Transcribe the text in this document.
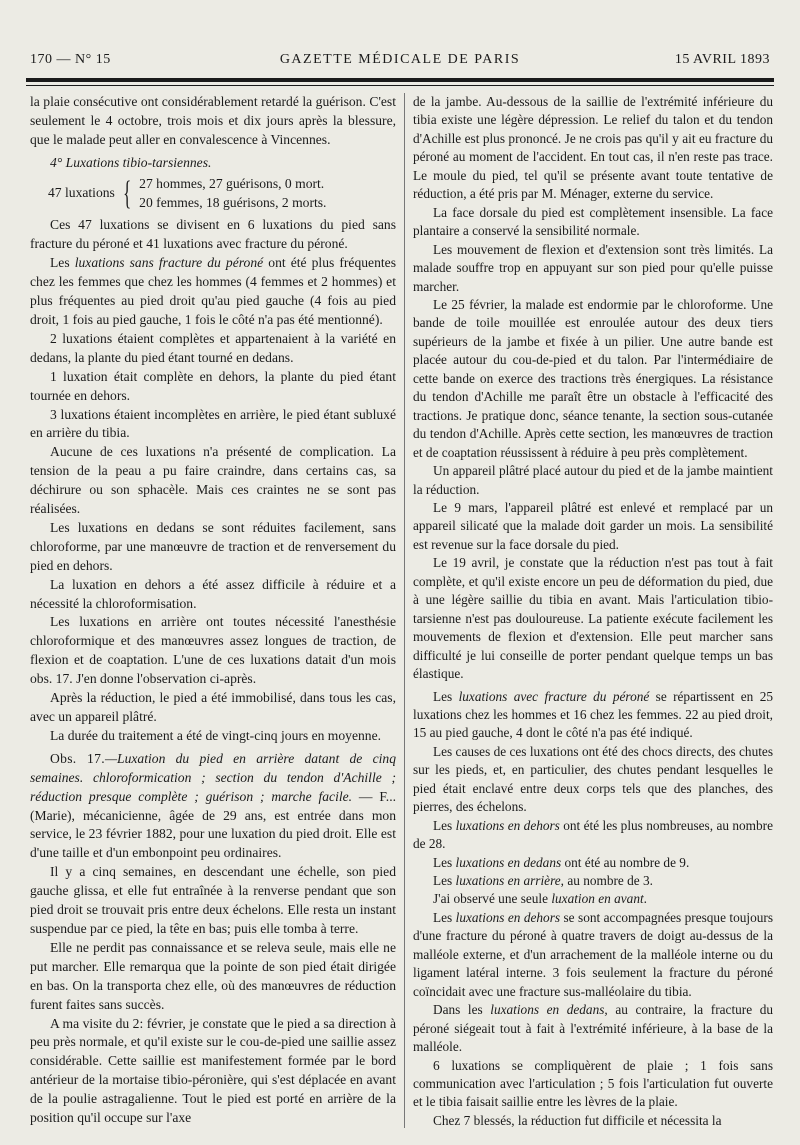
170 — N° 15	GAZETTE MÉDICALE DE PARIS	15 AVRIL 1893

la plaie consécutive ont considérablement retardé la guérison. C'est seulement le 4 octobre, trois mois et dix jours après la blessure, que le malade peut aller en convalescence à Vincennes.

4° Luxations tibio-tarsiennes.

47 luxations { 27 hommes, 27 guérisons, 0 mort.
20 femmes, 18 guérisons, 2 morts.

Ces 47 luxations se divisent en 6 luxations du pied sans fracture du péroné et 41 luxations avec fracture du péroné.

Les luxations sans fracture du péroné ont été plus fréquentes chez les femmes que chez les hommes (4 femmes et 2 hommes) et plus fréquentes au pied droit qu'au pied gauche (4 fois au pied droit, 1 fois au pied gauche, 1 fois le côté n'a pas été mentionné).

2 luxations étaient complètes et appartenaient à la variété en dedans, la plante du pied étant tourné en dedans.

1 luxation était complète en dehors, la plante du pied étant tournée en dehors.

3 luxations étaient incomplètes en arrière, le pied étant subluxé en arrière du tibia.

Aucune de ces luxations n'a présenté de complication. La tension de la peau a pu faire craindre, dans certains cas, sa déchirure ou son sphacèle. Mais ces craintes ne se sont pas réalisées.

Les luxations en dedans se sont réduites facilement, sans chloroforme, par une manœuvre de traction et de renversement du pied en dehors.

La luxation en dehors a été assez difficile à réduire et a nécessité la chloroformisation.

Les luxations en arrière ont toutes nécessité l'anesthésie chloroformique et des manœuvres assez longues de traction, de flexion et de coaptation. L'une de ces luxations datait d'un mois obs. 17. J'en donne l'observation ci-après.

Après la réduction, le pied a été immobilisé, dans tous les cas, avec un appareil plâtré.

La durée du traitement a été de vingt-cinq jours en moyenne.

Obs. 17.—Luxation du pied en arrière datant de cinq semaines. chloroformication ; section du tendon d'Achille ; réduction presque complète ; guérison ; marche facile. — F... (Marie), mécanicienne, âgée de 29 ans, est entrée dans mon service, le 23 février 1882, pour une luxation du pied droit. Elle est d'une taille et d'un embonpoint peu ordinaires.

Il y a cinq semaines, en descendant une échelle, son pied gauche glissa, et elle fut entraînée à la renverse pendant que son pied droit se trouvait pris entre deux échelons. Elle resta un instant suspendue par ce pied, la tête en bas; puis elle tomba à terre.

Elle ne perdit pas connaissance et se releva seule, mais elle ne put marcher. Elle remarqua que la pointe de son pied était dirigée en bas. On la transporta chez elle, où des manœuvres de réduction furent faites sans succès.

A ma visite du 2: février, je constate que le pied a sa direction à peu près normale, et qu'il existe sur le cou-de-pied une saillie assez considérable. Cette saillie est manifestement formée par le bord antérieur de la mortaise tibio-péronière, qui s'est déplacée en avant de la poulie astragalienne. Tout le pied est porté en arrière de la position qu'il occupe sur l'axe

de la jambe. Au-dessous de la saillie de l'extrémité inférieure du tibia existe une légère dépression. Le relief du talon et du tendon d'Achille est plus prononcé. Je ne crois pas qu'il y ait eu fracture du péroné au moment de l'accident. En tout cas, il n'en reste pas trace. Le moule du pied, tel qu'il se présente avant toute tentative de réduction, a été pris par M. Ménager, externe du service.

La face dorsale du pied est complètement insensible. La face plantaire a conservé la sensibilité normale.

Les mouvement de flexion et d'extension sont très limités. La malade souffre trop en appuyant sur son pied pour qu'elle puisse marcher.

Le 25 février, la malade est endormie par le chloroforme. Une bande de toile mouillée est enroulée autour des deux tiers supérieurs de la jambe et fixée à un pilier. Une autre bande est placée autour du cou-de-pied et du talon. Par l'intermédiaire de cette bande on exerce des tractions très énergiques. La résistance du tendon d'Achille me paraît être un obstacle à l'efficacité des tractions. Je pratique donc, séance tenante, la section sous-cutanée du tendon d'Achille. Après cette section, les manœuvres de traction et de coaptation réussissent à réduire à peu près complètement.

Un appareil plâtré placé autour du pied et de la jambe maintient la réduction.

Le 9 mars, l'appareil plâtré est enlevé et remplacé par un appareil silicaté que la malade doit garder un mois. La sensibilité est revenue sur la face dorsale du pied.

Le 19 avril, je constate que la réduction n'est pas tout à fait complète, et qu'il existe encore un peu de déformation du pied, due à une légère saillie du tibia en avant. Mais l'articulation tibio-tarsienne n'est pas douloureuse. La patiente exécute facilement les mouvements de flexion et d'extension. Elle peut marcher sans difficulté je lui conseille de porter pendant quelque temps un bas élastique.

Les luxations avec fracture du péroné se répartissent en 25 luxations chez les hommes et 16 chez les femmes. 22 au pied droit, 15 au pied gauche, 4 dont le côté n'a pas été indiqué.

Les causes de ces luxations ont été des chocs directs, des chutes sur les pieds, et, en particulier, des chutes pendant lesquelles le pied était enclavé entre deux corps tels que des planches, des pierres, des échelons.

Les luxations en dehors ont été les plus nombreuses, au nombre de 28.

Les luxations en dedans ont été au nombre de 9.

Les luxations en arrière, au nombre de 3.

J'ai observé une seule luxation en avant.

Les luxations en dehors se sont accompagnées presque toujours d'une fracture du péroné à quatre travers de doigt au-dessus de la malléole externe, et d'un arrachement de la malléole interne ou du ligament latéral interne. 3 fois seulement la fracture du péroné coïncidait avec une fracture sus-malléolaire du tibia.

Dans les luxations en dedans, au contraire, la fracture du péroné siégeait tout à fait à l'extrémité inférieure, à la base de la malléole.

6 luxations se compliquèrent de plaie ; 1 fois sans communication avec l'articulation ; 5 fois l'articulation fut ouverte et le tibia faisait saillie entre les lèvres de la plaie.

Chez 7 blessés, la réduction fut difficile et nécessita la
